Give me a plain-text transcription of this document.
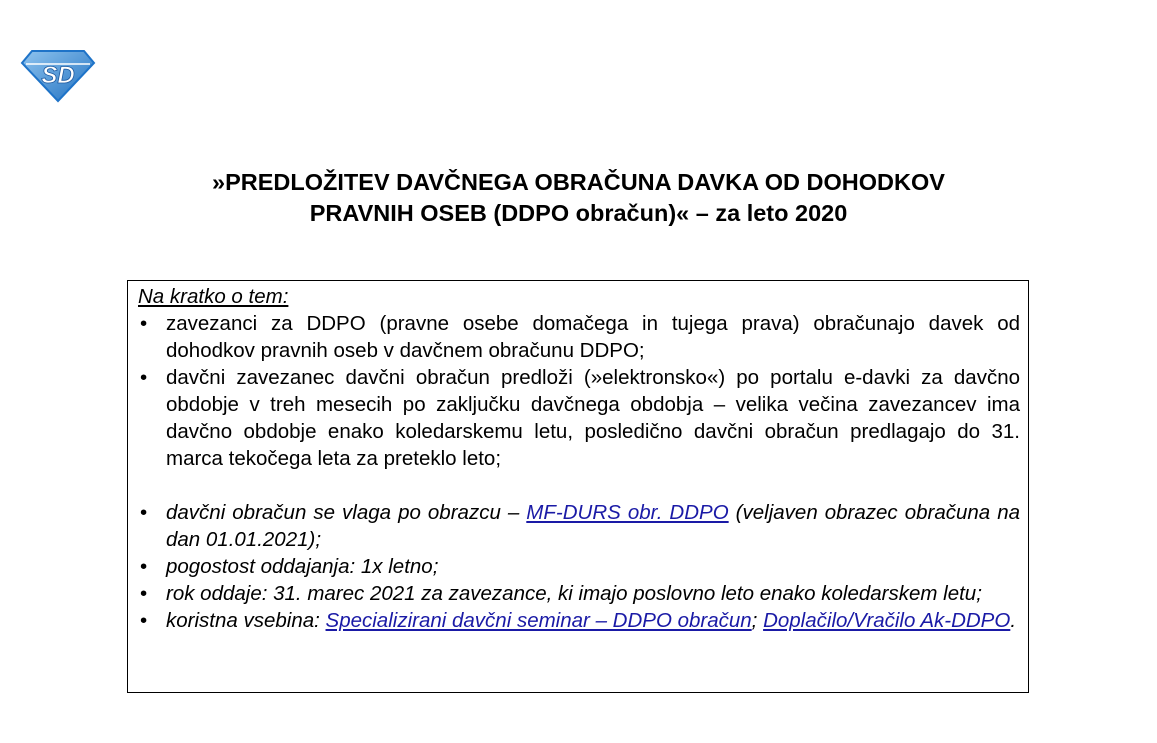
SD
»PREDLOŽITEV DAVČNEGA OBRAČUNA DAVKA OD DOHODKOV
PRAVNIH OSEB (DDPO obračun)« – za leto 2020

Na kratko o tem:

• zavezanci za DDPO (pravne osebe domačega in tujega prava) obračunajo davek od dohodkov pravnih oseb v davčnem obračunu DDPO;
• davčni zavezanec davčni obračun predloži (»elektronsko«) po portalu e-davki za davčno obdobje v treh mesecih po zaključku davčnega obdobja – velika večina zavezancev ima davčno obdobje enako koledarskemu letu, posledično davčni obračun predlagajo do 31. marca tekočega leta za preteklo leto;
• davčni obračun se vlaga po obrazcu – MF-DURS obr. DDPO (veljaven obrazec obračuna na dan 01.01.2021);
• pogostost oddajanja: 1x letno;
• rok oddaje: 31. marec 2021 za zavezance, ki imajo poslovno leto enako koledarskem letu;
• koristna vsebina: Specializirani davčni seminar – DDPO obračun; Doplačilo/Vračilo Ak-DDPO.
